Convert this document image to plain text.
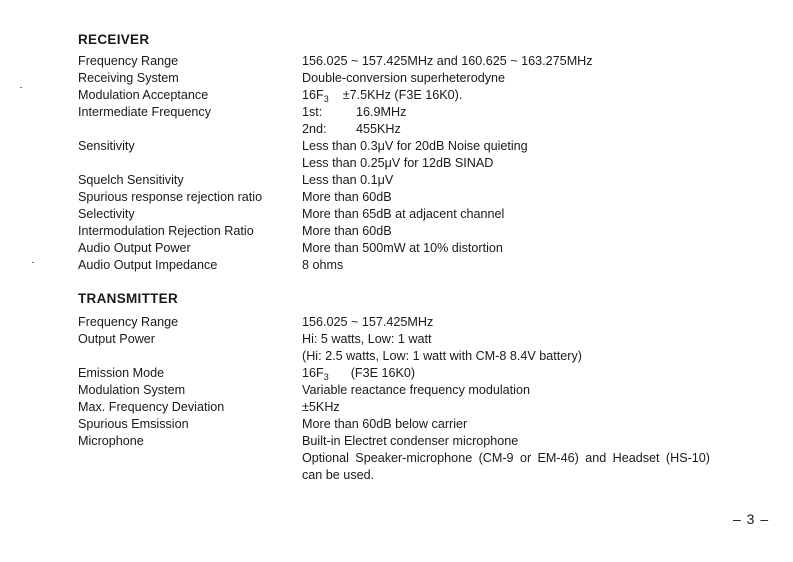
RECEIVER
Frequency Range	156.025 ~ 157.425MHz and 160.625 ~ 163.275MHz
Receiving System	Double-conversion superheterodyne
Modulation Acceptance	$16F_3 \pm 7.5KHz$ (F3E 16K0).
Intermediate Frequency	1st:	16.9MHz
2nd: 455KHz
Sensitivity	Less than 0.3μV for 20dB Noise quieting
Less than 0.25μV for 12dB SINAD
Squelch Sensitivity	Less than 0.1μV
Spurious response rejection ratio	More than 60dB
Selectivity	More than 65dB at adjacent channel
Intermodulation Rejection Ratio	More than 60dB
Audio Output Power	More than 500mW at 10% distortion
Audio Output Impedance	8 ohms
TRANSMITTER
Frequency Range	156.025 ~ 157.425MHz
Output Power	Hi: 5 watts, Low: 1 watt
(Hi: 2.5 watts, Low: 1 watt with CM-8 8.4V battery)
Emission Mode	$16F_3$ (F3E 16K0)
Modulation System	Variable reactance frequency modulation
Max. Frequency Deviation	±5KHz
Spurious Emsission	More than 60dB below carrier
Microphone	Built-in Electret condenser microphone
Optional Speaker-microphone (CM-9 or EM-46) and Headset (HS-10) can be used.
– 3 –
